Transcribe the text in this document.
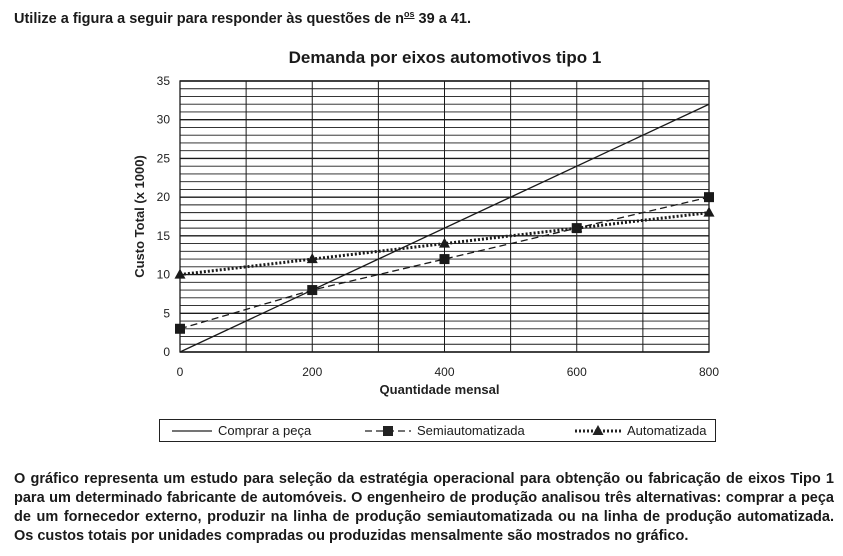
Utilize a figura a seguir para responder às questões de $n^{os}$ 39 a 41.
Demanda por eixos automotivos tipo 1
0
5
10
15
20
25
30
35
0	200	400	600	800
Quantidade mensal
Custo Total (x 1000)
Comprar a peça	Semiautomatizada	Automatizada
O gráfico representa um estudo para seleção da estratégia operacional para obtenção ou fabricação de eixos Tipo 1 para um determinado fabricante de automóveis. O engenheiro de produção analisou três alternativas: comprar a peça de um fornecedor externo, produzir na linha de produção semiautomatizada ou na linha de produção automatizada. Os custos totais por unidades compradas ou produzidas mensalmente são mostrados no gráfico.
